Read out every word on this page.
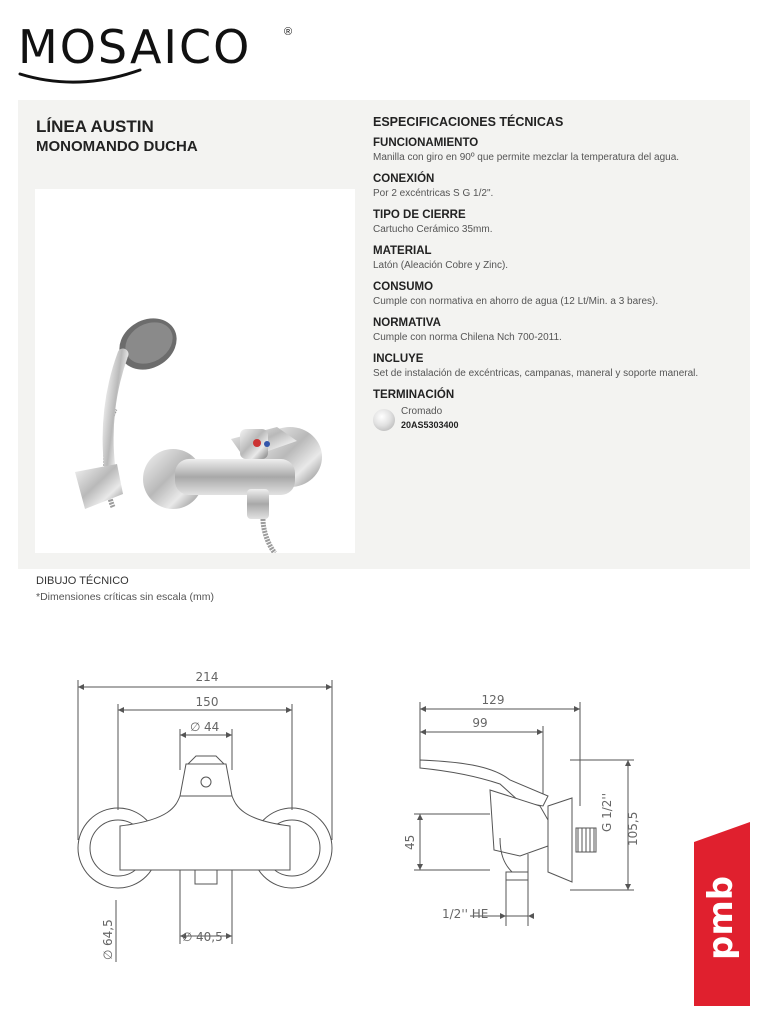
MOSAICO	®
LÍNEA AUSTIN
MONOMANDO DUCHA
ESPECIFICACIONES TÉCNICAS
FUNCIONAMIENTO
Manilla con giro en 90º que permite mezclar la temperatura del agua.
CONEXIÓN
Por 2 excéntricas S G 1/2".
TIPO DE CIERRE
Cartucho Cerámico 35mm.
MATERIAL
Latón (Aleación Cobre y Zinc).
CONSUMO
Cumple con normativa en ahorro de agua (12 Lt/Min. a 3 bares).
NORMATIVA
Cumple con norma Chilena Nch 700-2011.
INCLUYE
Set de instalación de excéntricas, campanas, maneral y soporte maneral.
TERMINACIÓN
Cromado
20AS5303400
DIBUJO TÉCNICO
*Dimensiones críticas sin escala (mm)
214
150
∅ 44
∅
64,5	∅ 40,5
129
99
45
G 1/2'' 105,5
1/2'' HE	pmb
